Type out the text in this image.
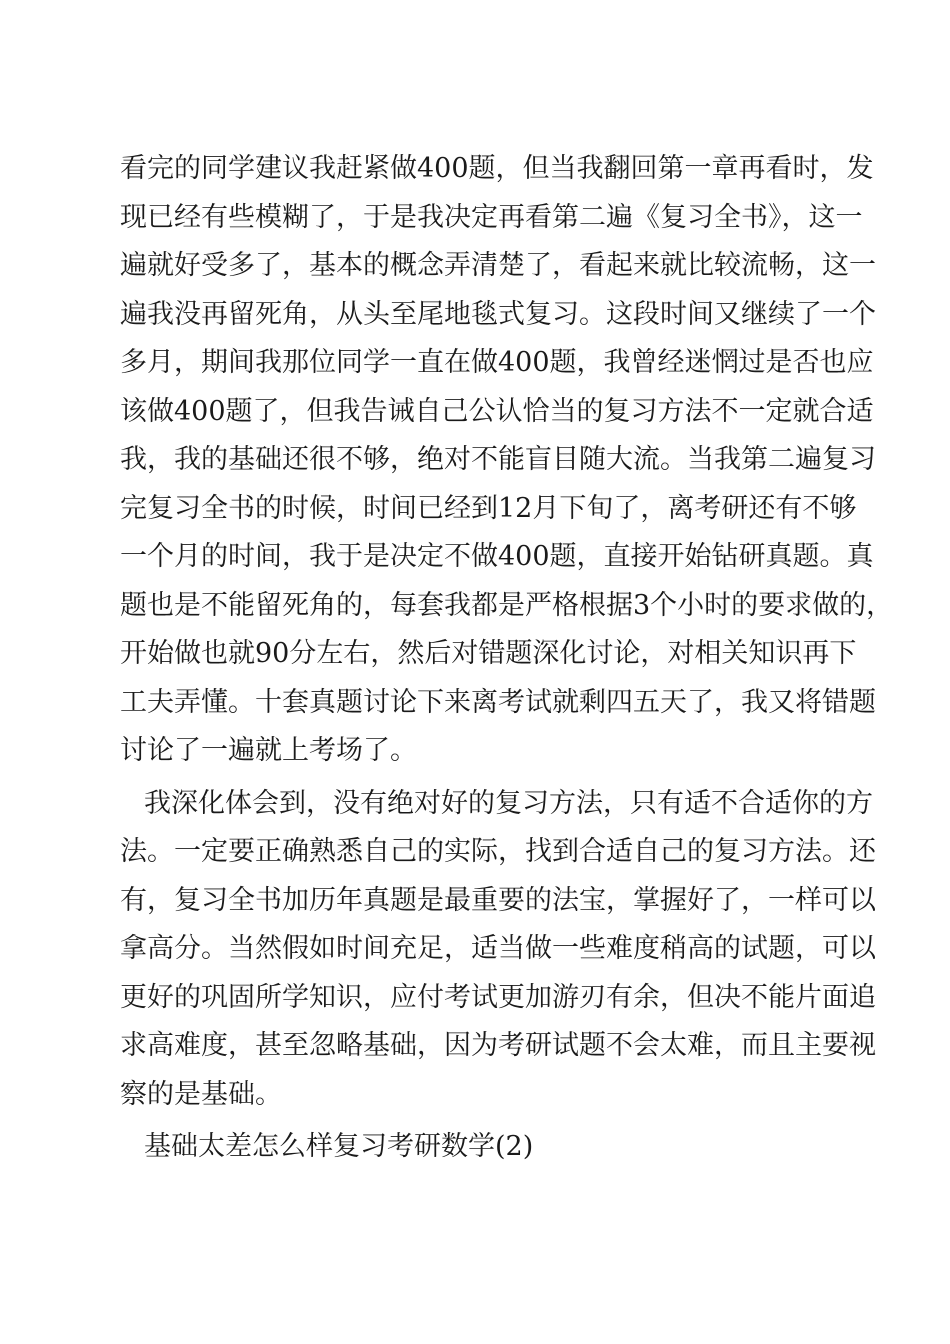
看完的同学建议我赶紧做400题，但当我翻回第一章再看时，发
现已经有些模糊了，于是我决定再看第二遍《复习全书》，这一
遍就好受多了，基本的概念弄清楚了，看起来就比较流畅，这一
遍我没再留死角，从头至尾地毯式复习。这段时间又继续了一个
多月，期间我那位同学一直在做400题，我曾经迷惘过是否也应
该做400题了，但我告诫自己公认恰当的复习方法不一定就合适
我，我的基础还很不够，绝对不能盲目随大流。当我第二遍复习
完复习全书的时候，时间已经到12月下旬了，离考研还有不够
一个月的时间，我于是决定不做400题，直接开始钻研真题。真
题也是不能留死角的，每套我都是严格根据3个小时的要求做的，
开始做也就90分左右，然后对错题深化讨论，对相关知识再下
工夫弄懂。十套真题讨论下来离考试就剩四五天了，我又将错题
讨论了一遍就上考场了。
我深化体会到，没有绝对好的复习方法，只有适不合适你的方
法。一定要正确熟悉自己的实际，找到合适自己的复习方法。还
有，复习全书加历年真题是最重要的法宝，掌握好了，一样可以
拿高分。当然假如时间充足，适当做一些难度稍高的试题，可以
更好的巩固所学知识，应付考试更加游刃有余，但决不能片面追
求高难度，甚至忽略基础，因为考研试题不会太难，而且主要视
察的是基础。
基础太差怎么样复习考研数学(2)
